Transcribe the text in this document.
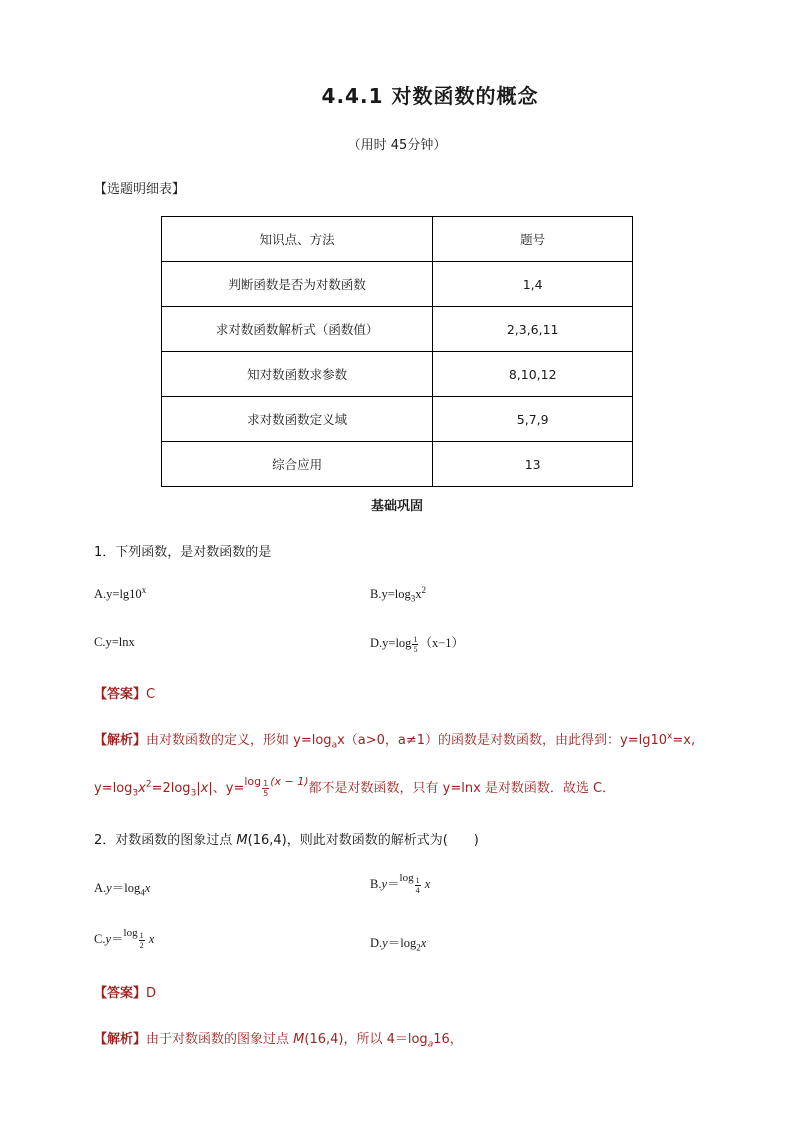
4.4.1 对数函数的概念
（用时 45分钟）
【选题明细表】
知识点、方法	题号
判断函数是否为对数函数	1,4
求对数函数解析式（函数值）	2,3,6,11
知对数函数求参数	8,10,12
求对数函数定义域	5,7,9
综合应用	13
基础巩固
1．下列函数，是对数函数的是
$A.y=\lg 10^x$	$B.y=\log_3x^2$
C.y=lnx	$D.y=\log \frac{1}{5} (x-1)$
【答案】C
【解析】由对数函数的定义，形如 $y=\log_ax(a>0$，a≠1）的函数是对数函数，由此得到：$y=\lg 10^x=x$,
$y=\log_3x^2=2\log_3|x|$、$y=^{log} \frac{1}{5} ^{(x - 1)}$都不是对数函数，只有 y=lnx 是对数函数．故选 C．
2．对数函数的图象过点 M(16,4)，则此对数函数的解析式为(　　)
$A.y=\log_4x$	$B.y=\log \frac{1}{4}$ x
$C.y=\log \frac{1}{2}$ x	$D.y=\log_2x$
【答案】D
【解析】由于对数函数的图象过点 M(16,4)，所以 $4=\log_a16$，
